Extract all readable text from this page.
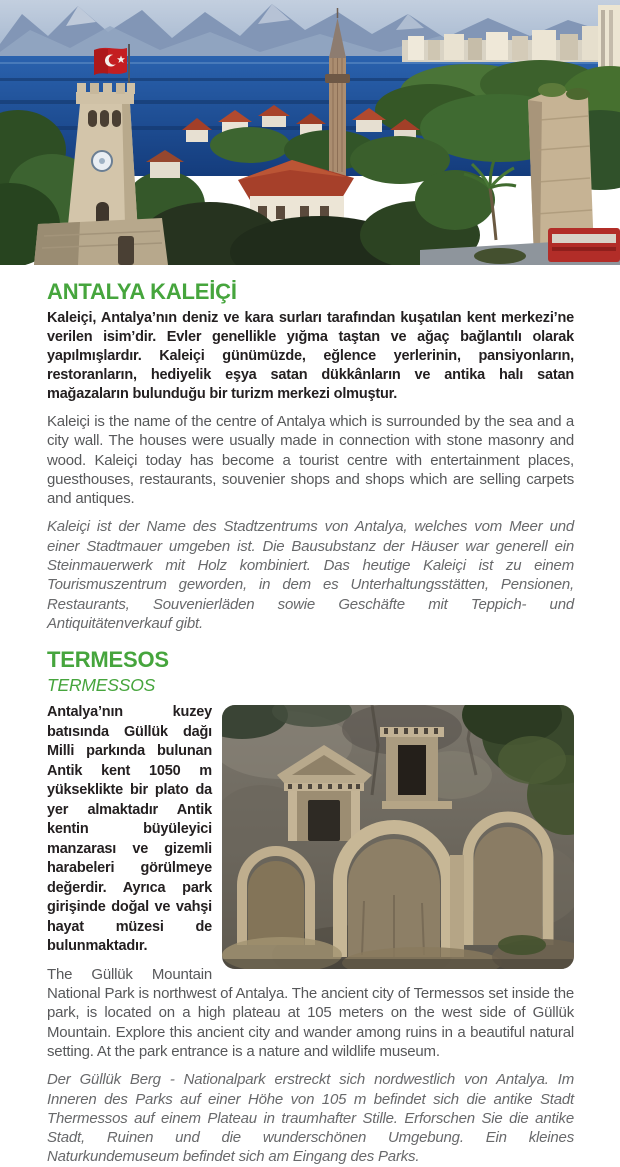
ANTALYA KALEİÇİ

Kaleiçi, Antalya’nın deniz ve kara surları tarafından kuşatılan kent merkezi’ne verilen isim’dir. Evler genellikle yığma taştan ve ağaç bağlantılı olarak yapılmışlardır. Kaleiçi günümüzde, eğlence yerlerinin, pansiyonların, restoranların, hediyelik eşya satan dükkânların ve antika halı satan mağazaların bulunduğu bir turizm merkezi olmuştur.

Kaleiçi is the name of the centre of Antalya which is surrounded by the sea and a city wall. The houses were usually made in connection with stone masonry and wood. Kaleiçi today has become a tourist centre with entertainment places, guesthouses, restaurants, souvenier shops and shops which are selling carpets and antiques.

Kaleiçi ist der Name des Stadtzentrums von Antalya, welches vom Meer und einer Stadtmauer umgeben ist. Die Bausubstanz der Häuser war generell ein Steinmauerwerk mit Holz kombiniert. Das heutige Kaleiçi ist zu einem Tourismuszentrum geworden, in dem es Unterhaltungsstätten, Pensionen, Restaurants, Souvenierläden sowie Geschäfte mit Teppich- und Antiquitätenverkauf gibt.

TERMESOS
TERMESSOS

Antalya’nın kuzey batısında Güllük dağı Milli parkında bulunan Antik kent 1050 m yükseklikte bir plato da yer almaktadır Antik kentin büyüleyici manzarası ve gizemli harabeleri görülmeye değerdir. Ayrıca park girişinde doğal ve vahşi hayat müzesi de bulunmaktadır.

The Güllük Mountain National Park is northwest of Antalya. The ancient city of Termessos set inside the park, is located on a high plateau at 105 meters on the west side of Güllük Mountain. Explore this ancient city and wander among ruins in a beautiful natural setting. At the park entrance is a nature and wildlife museum.

Der Güllük Berg - Nationalpark erstreckt sich nordwestlich von Antalya. Im Inneren des Parks auf einer Höhe von 105 m befindet sich die antike Stadt Thermessos auf einem Plateau in traumhafter Stille. Erforschen Sie die antike Stadt, Ruinen und die wunderschönen Umgebung. Ein kleines Naturkundemuseum befindet sich am Eingang des Parks.
